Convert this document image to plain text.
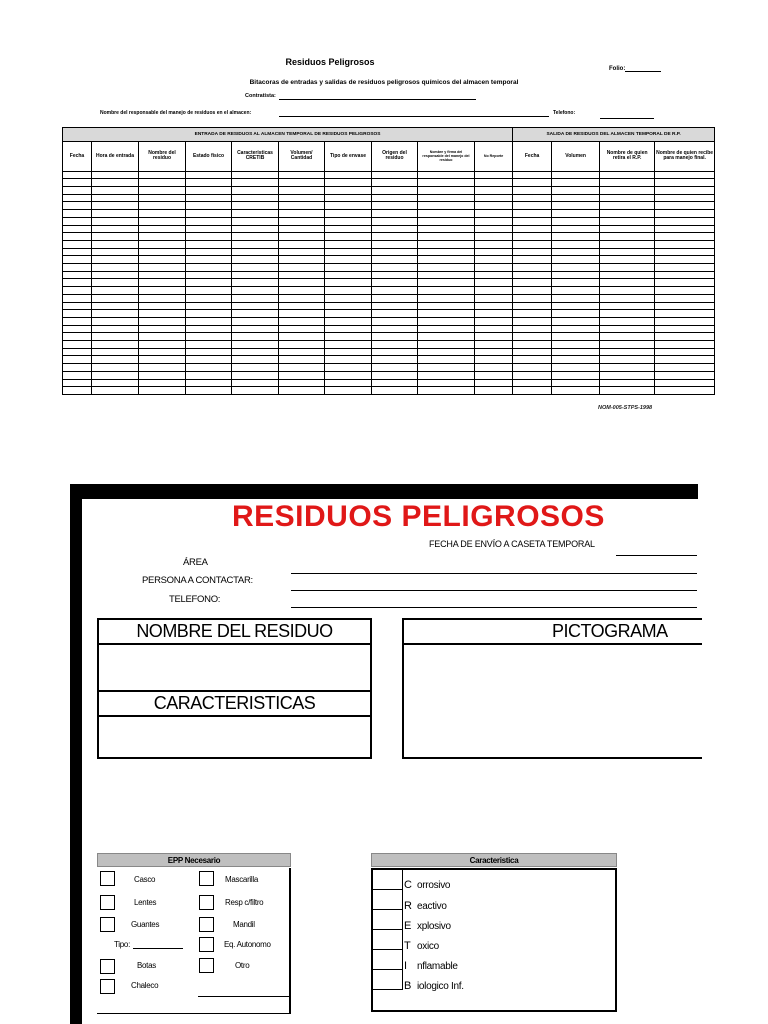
Residuos Peligrosos
Folio:
Bitacoras de entradas y salidas de residuos peligrosos químicos del almacen temporal
Contratista:
Nombre del responsable del manejo de residuos en el almacen:	Telefono:
ENTRADA DE RESIDUOS AL ALMACEN TEMPORAL DE RESIDUOS PELIGROSOS										SALIDA DE RESIDUOS DEL ALMACEN TEMPORAL DE R.P.			
Fecha	Hora de entrada	Nombre del residuo	Estado físico	Caracteristicas CRETIB	Volumen/ Cantidad	Tipo de envase	Origen del residuo	Nombre y firma del responsable del manejo del residuo	No Reporte	Fecha	Volumen	Nombre de quien retira el R.P.	Nombre de quien recibe para manejo final.

NOM-005-STPS-1998
RESIDUOS PELIGROSOS
FECHA DE ENVÍO A CASETA TEMPORAL
ÁREA
PERSONA A CONTACTAR:
TELEFONO:
NOMBRE DEL RESIDUO
CARACTERISTICAS
PICTOGRAMA
EPP Necesario
Casco	Mascarilla
Lentes	Resp c/filtro
Guantes	Mandil
Tipo:	Eq. Autonomo
Botas	Otro
Chaleco
Caracteristica
C orrosivo
R eactivo
E xplosivo
T oxico
I nflamable
B iologico Inf.
